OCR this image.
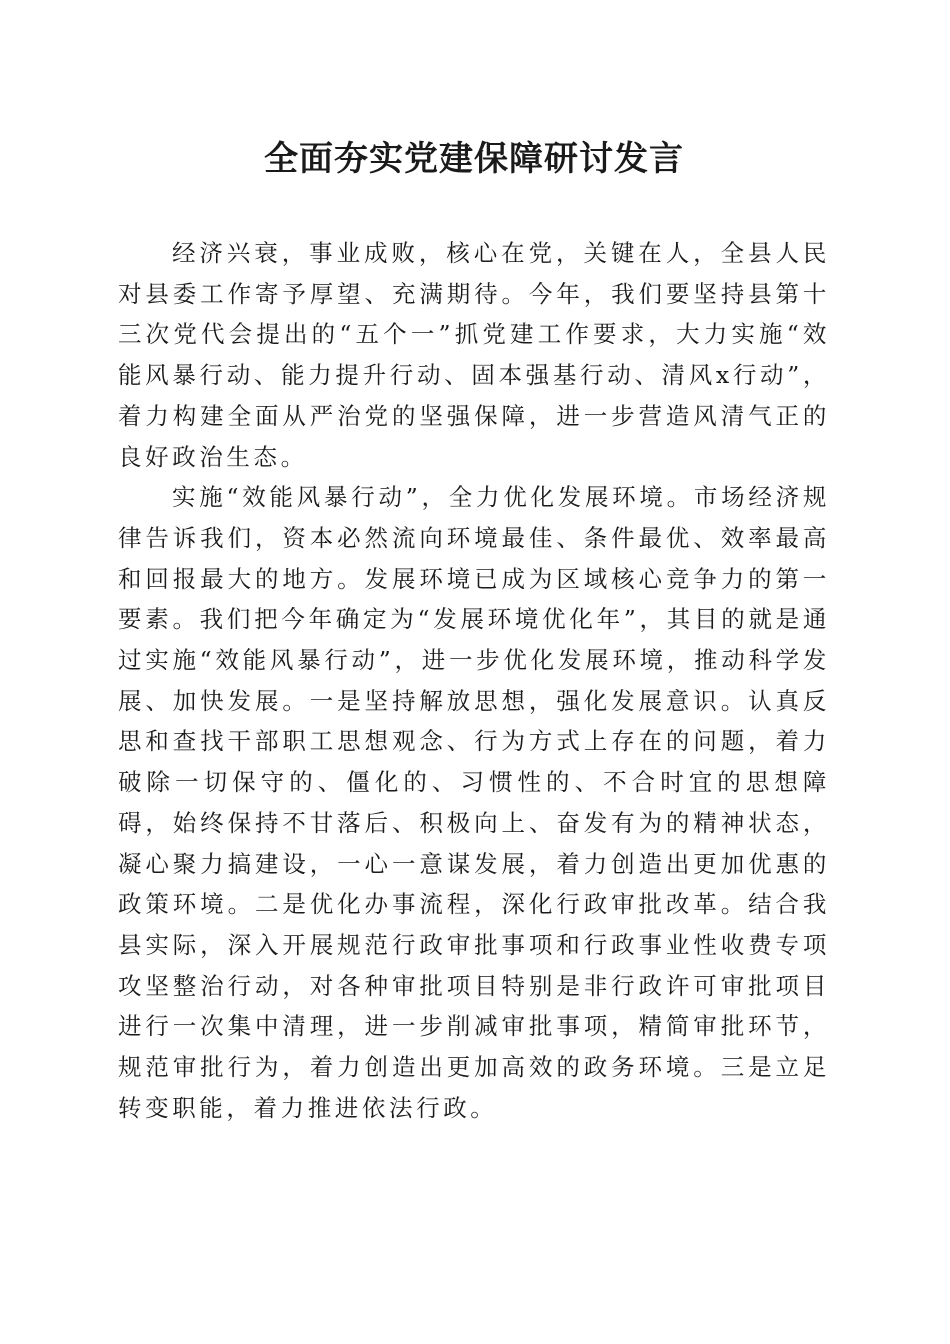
全面夯实党建保障研讨发言

经济兴衰，事业成败，核心在党，关键在人，全县人民对县委工作寄予厚望、充满期待。今年，我们要坚持县第十三次党代会提出的“五个一”抓党建工作要求，大力实施“效能风暴行动、能力提升行动、固本强基行动、清风x行动”，着力构建全面从严治党的坚强保障，进一步营造风清气正的良好政治生态。

实施“效能风暴行动”，全力优化发展环境。市场经济规律告诉我们，资本必然流向环境最佳、条件最优、效率最高和回报最大的地方。发展环境已成为区域核心竞争力的第一要素。我们把今年确定为“发展环境优化年”，其目的就是通过实施“效能风暴行动”，进一步优化发展环境，推动科学发展、加快发展。一是坚持解放思想，强化发展意识。认真反思和查找干部职工思想观念、行为方式上存在的问题，着力破除一切保守的、僵化的、习惯性的、不合时宜的思想障碍，始终保持不甘落后、积极向上、奋发有为的精神状态，凝心聚力搞建设，一心一意谋发展，着力创造出更加优惠的政策环境。二是优化办事流程，深化行政审批改革。结合我县实际，深入开展规范行政审批事项和行政事业性收费专项攻坚整治行动，对各种审批项目特别是非行政许可审批项目进行一次集中清理，进一步削减审批事项，精简审批环节，规范审批行为，着力创造出更加高效的政务环境。三是立足转变职能，着力推进依法行政。
